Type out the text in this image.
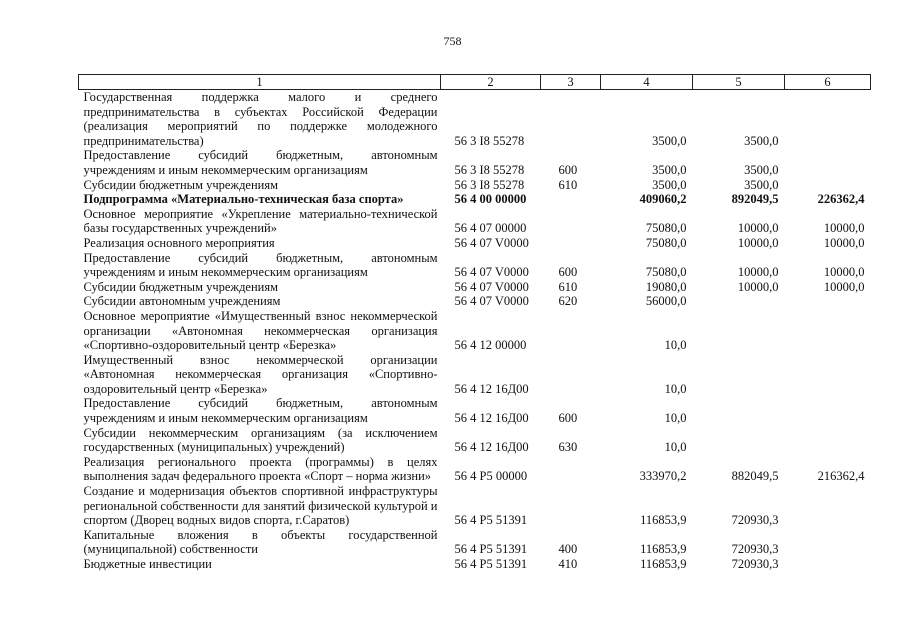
758
1	2	3	4	5	6
Государственная поддержка малого и среднего предпринимательства в субъектах Российской Федерации (реализация мероприятий по поддержке молодежного предпринимательства)	56 3 I8 55278		3500,0	3500,0	
Предоставление субсидий бюджетным, автономным учреждениям и иным некоммерческим организациям	56 3 I8 55278	600	3500,0	3500,0	
Субсидии бюджетным учреждениям	56 3 I8 55278	610	3500,0	3500,0	
Подпрограмма «Материально-техническая база спорта»	56 4 00 00000		409060,2	892049,5	226362,4
Основное мероприятие «Укрепление материально-технической базы государственных учреждений»	56 4 07 00000		75080,0	10000,0	10000,0
Реализация основного мероприятия	56 4 07 V0000		75080,0	10000,0	10000,0
Предоставление субсидий бюджетным, автономным учреждениям и иным некоммерческим организациям	56 4 07 V0000	600	75080,0	10000,0	10000,0
Субсидии бюджетным учреждениям	56 4 07 V0000	610	19080,0	10000,0	10000,0
Субсидии автономным учреждениям	56 4 07 V0000	620	56000,0		
Основное мероприятие «Имущественный взнос некоммерческой организации «Автономная некоммерческая организация «Спортивно-оздоровительный центр «Березка»	56 4 12 00000		10,0		
Имущественный взнос некоммерческой организации «Автономная некоммерческая организация «Спортивно-оздоровительный центр «Березка»	56 4 12 16Д00		10,0		
Предоставление субсидий бюджетным, автономным учреждениям и иным некоммерческим организациям	56 4 12 16Д00	600	10,0		
Субсидии некоммерческим организациям (за исключением государственных (муниципальных) учреждений)	56 4 12 16Д00	630	10,0		
Реализация регионального проекта (программы) в целях выполнения задач федерального проекта «Спорт – норма жизни»	56 4 P5 00000		333970,2	882049,5	216362,4
Создание и модернизация объектов спортивной инфраструктуры региональной собственности для занятий физической культурой и спортом (Дворец водных видов спорта, г.Саратов)	56 4 P5 51391		116853,9	720930,3	
Капитальные вложения в объекты государственной (муниципальной) собственности	56 4 P5 51391	400	116853,9	720930,3	
Бюджетные инвестиции	56 4 P5 51391	410	116853,9	720930,3	
